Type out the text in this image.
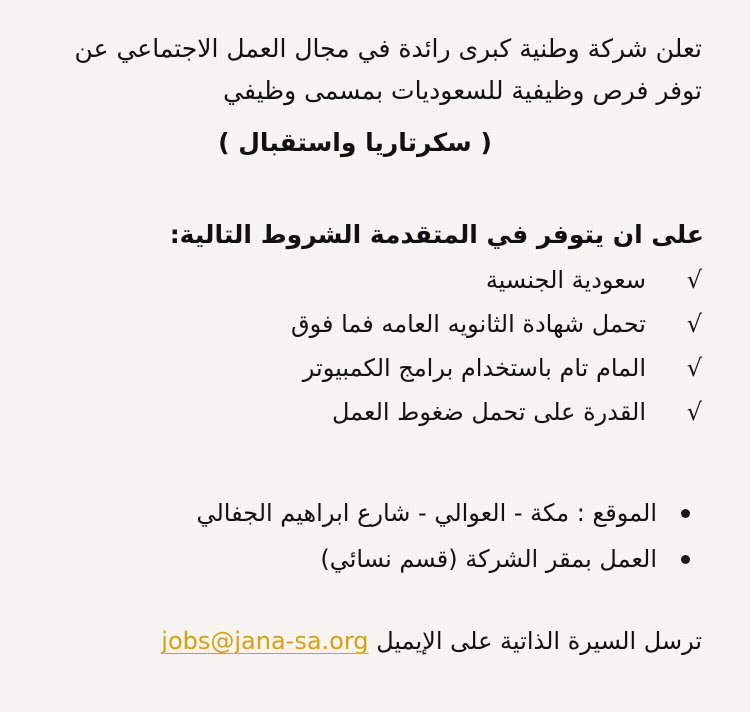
تعلن شركة وطنية كبرى رائدة في مجال العمل الاجتماعي عن

توفر فرص وظيفية للسعوديات بمسمى وظيفي

( سكرتاريا واستقبال )
على ان يتوفر في المتقدمة الشروط التالية:
√
سعودية الجنسية
√
تحمل شهادة الثانويه العامه فما فوق
√
المام تام باستخدام برامج الكمبيوتر
√
القدرة على تحمل ضغوط العمل
الموقع : مكة - العوالي - شارع ابراهيم الجفالي
العمل بمقر الشركة (قسم نسائي)
ترسل السيرة الذاتية على الإيميل jobs@jana-sa.org
